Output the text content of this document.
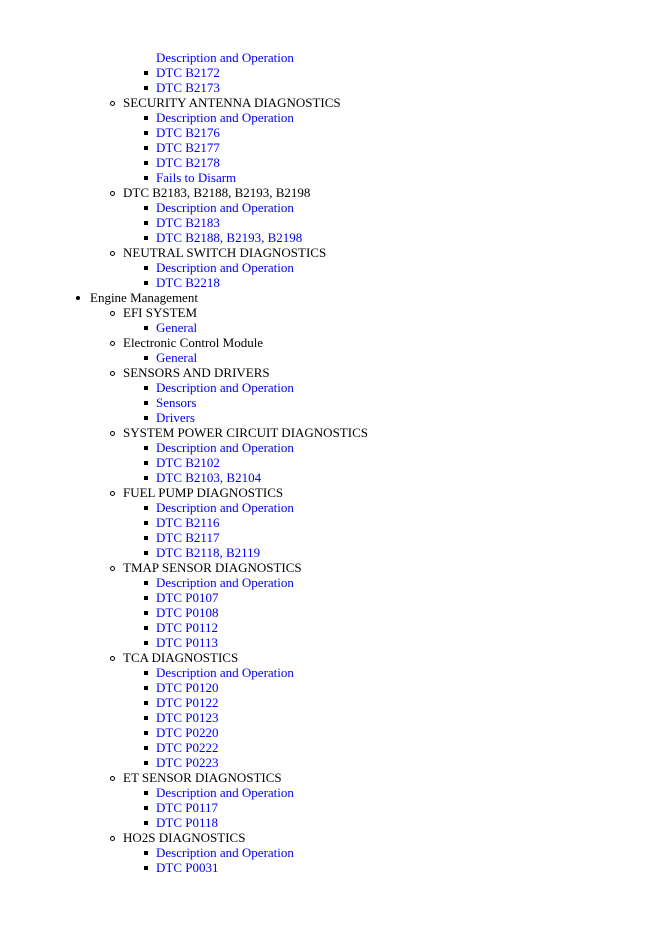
Description and Operation
DTC B2172
DTC B2173
SECURITY ANTENNA DIAGNOSTICS
Description and Operation
DTC B2176
DTC B2177
DTC B2178
Fails to Disarm
DTC B2183, B2188, B2193, B2198
Description and Operation
DTC B2183
DTC B2188, B2193, B2198
NEUTRAL SWITCH DIAGNOSTICS
Description and Operation
DTC B2218
Engine Management
EFI SYSTEM
General
Electronic Control Module
General
SENSORS AND DRIVERS
Description and Operation
Sensors
Drivers
SYSTEM POWER CIRCUIT DIAGNOSTICS
Description and Operation
DTC B2102
DTC B2103, B2104
FUEL PUMP DIAGNOSTICS
Description and Operation
DTC B2116
DTC B2117
DTC B2118, B2119
TMAP SENSOR DIAGNOSTICS
Description and Operation
DTC P0107
DTC P0108
DTC P0112
DTC P0113
TCA DIAGNOSTICS
Description and Operation
DTC P0120
DTC P0122
DTC P0123
DTC P0220
DTC P0222
DTC P0223
ET SENSOR DIAGNOSTICS
Description and Operation
DTC P0117
DTC P0118
HO2S DIAGNOSTICS
Description and Operation
DTC P0031
